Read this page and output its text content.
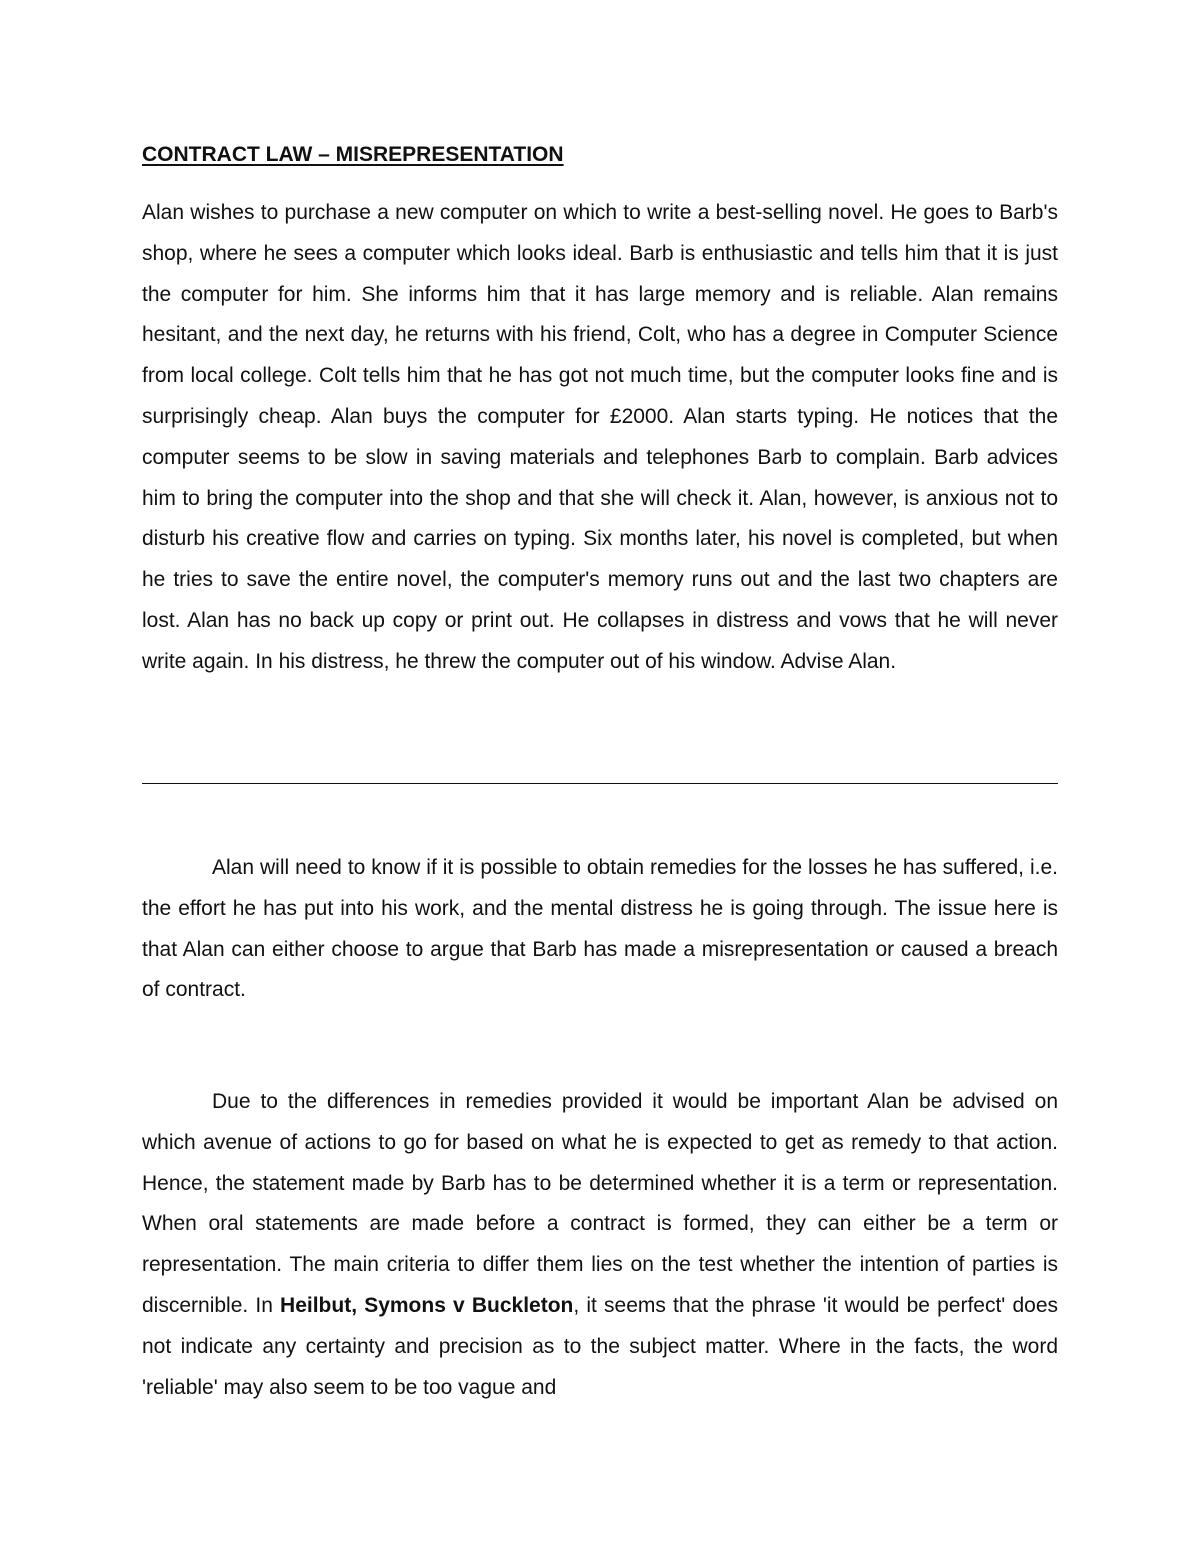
CONTRACT LAW – MISREPRESENTATION

Alan wishes to purchase a new computer on which to write a best-selling novel. He goes to Barb's shop, where he sees a computer which looks ideal. Barb is enthusiastic and tells him that it is just the computer for him. She informs him that it has large memory and is reliable. Alan remains hesitant, and the next day, he returns with his friend, Colt, who has a degree in Computer Science from local college. Colt tells him that he has got not much time, but the computer looks fine and is surprisingly cheap. Alan buys the computer for £2000. Alan starts typing. He notices that the computer seems to be slow in saving materials and telephones Barb to complain. Barb advices him to bring the computer into the shop and that she will check it. Alan, however, is anxious not to disturb his creative flow and carries on typing. Six months later, his novel is completed, but when he tries to save the entire novel, the computer's memory runs out and the last two chapters are lost. Alan has no back up copy or print out. He collapses in distress and vows that he will never write again. In his distress, he threw the computer out of his window. Advise Alan.

Alan will need to know if it is possible to obtain remedies for the losses he has suffered, i.e. the effort he has put into his work, and the mental distress he is going through. The issue here is that Alan can either choose to argue that Barb has made a misrepresentation or caused a breach of contract.

Due to the differences in remedies provided it would be important Alan be advised on which avenue of actions to go for based on what he is expected to get as remedy to that action. Hence, the statement made by Barb has to be determined whether it is a term or representation. When oral statements are made before a contract is formed, they can either be a term or representation. The main criteria to differ them lies on the test whether the intention of parties is discernible. In Heilbut, Symons v Buckleton, it seems that the phrase 'it would be perfect' does not indicate any certainty and precision as to the subject matter. Where in the facts, the word 'reliable' may also seem to be too vague and
